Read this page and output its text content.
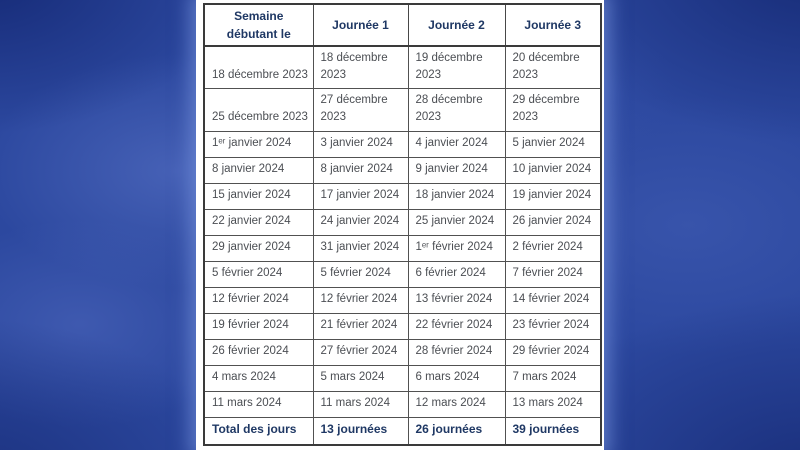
Semaine débutant le	Journée 1	Journée 2	Journée 3
18 décembre 2023	18 décembre 2023	19 décembre 2023	20 décembre 2023
25 décembre 2023	27 décembre 2023	28 décembre 2023	29 décembre 2023
1ᵉʳ janvier 2024	3 janvier 2024	4 janvier 2024	5 janvier 2024
8 janvier 2024	8 janvier 2024	9 janvier 2024	10 janvier 2024
15 janvier 2024	17 janvier 2024	18 janvier 2024	19 janvier 2024
22 janvier 2024	24 janvier 2024	25 janvier 2024	26 janvier 2024
29 janvier 2024	31 janvier 2024	1ᵉʳ février 2024	2 février 2024
5 février 2024	5 février 2024	6 février 2024	7 février 2024
12 février 2024	12 février 2024	13 février 2024	14 février 2024
19 février 2024	21 février 2024	22 février 2024	23 février 2024
26 février 2024	27 février 2024	28 février 2024	29 février 2024
4 mars 2024	5 mars 2024	6 mars 2024	7 mars 2024
11 mars 2024	11 mars 2024	12 mars 2024	13 mars 2024
Total des jours	13 journées	26 journées	39 journées
